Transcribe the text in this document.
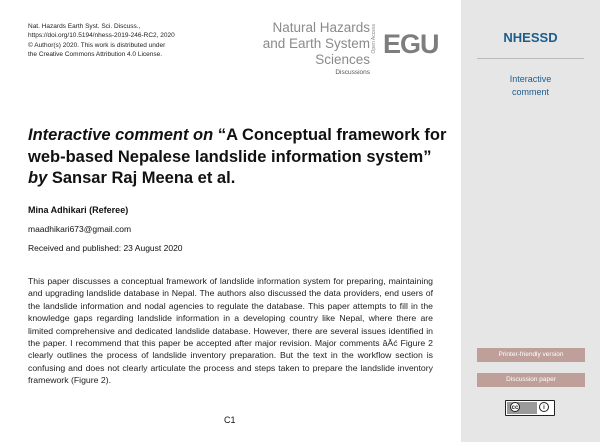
Nat. Hazards Earth Syst. Sci. Discuss.,
https://doi.org/10.5194/nhess-2019-246-RC2, 2020
© Author(s) 2020. This work is distributed under
the Creative Commons Attribution 4.0 License.
Natural Hazards
and Earth System
Sciences
Discussions
Open Access EGU
Interactive comment on “A Conceptual framework for web-based Nepalese landslide information system” by Sansar Raj Meena et al.
Mina Adhikari (Referee)
maadhikari673@gmail.com
Received and published: 23 August 2020
This paper discusses a conceptual framework of landslide information system for preparing, maintaining and upgrading landslide database in Nepal. The authors also discussed the data providers, end users of the landslide information and nodal agencies to regulate the database. This paper attempts to fill in the knowledge gaps regarding landslide information in a developing country like Nepal, where there are limited comprehensive and dedicated landslide database. However, there are several issues identified in the paper. I recommend that this paper be accepted after major revision. Major comments âĂć Figure 2 clearly outlines the process of landslide inventory preparation. But the text in the workflow section is confusing and does not clearly articulate the process and steps taken to prepare the landslide inventory framework (Figure 2).
C1
NHESSD
Interactive comment
Printer-friendly version
Discussion paper
cc	i
